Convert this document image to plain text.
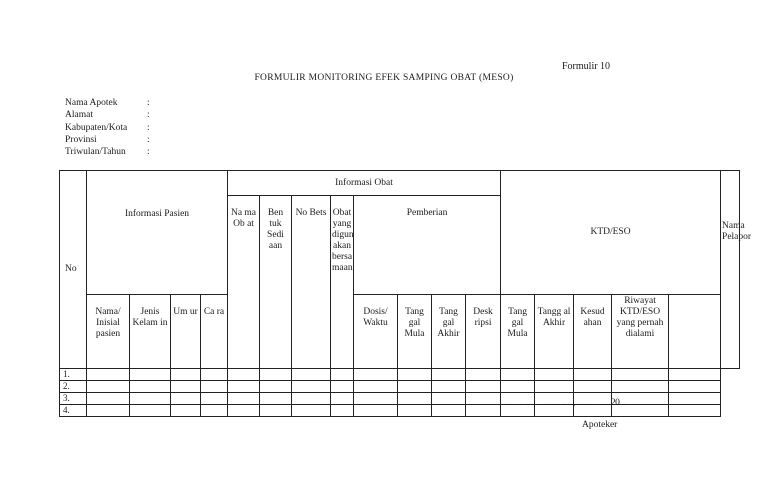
Formulir 10
FORMULIR MONITORING EFEK SAMPING OBAT (MESO)
Nama Apotek	:
Alamat	:
Kabupaten/Kota :
Provinsi	:
Triwulan/Tahun :
No	Informasi Pasien				Informasi Obat								KTD/ESO					Nama Pelapor
					Na ma Ob at	Ben tuk Sedi aan	No Bets	Obat yang digun akan bersa maan	Pemberian									
	Nama/ Inisial pasien	Jenis Kelam in	Um ur	Ca ra					Dosis/ Waktu	Tang gal Mula	Tang gal Akhir	Desk ripsi	Tang gal Mula	Tangg al Akhir	Kesud ahan	Riwayat KTD/ESO yang pernah dialami		
1.																		
2.																		
3.																		
4.																		
……………………,…………20…
Apoteker
